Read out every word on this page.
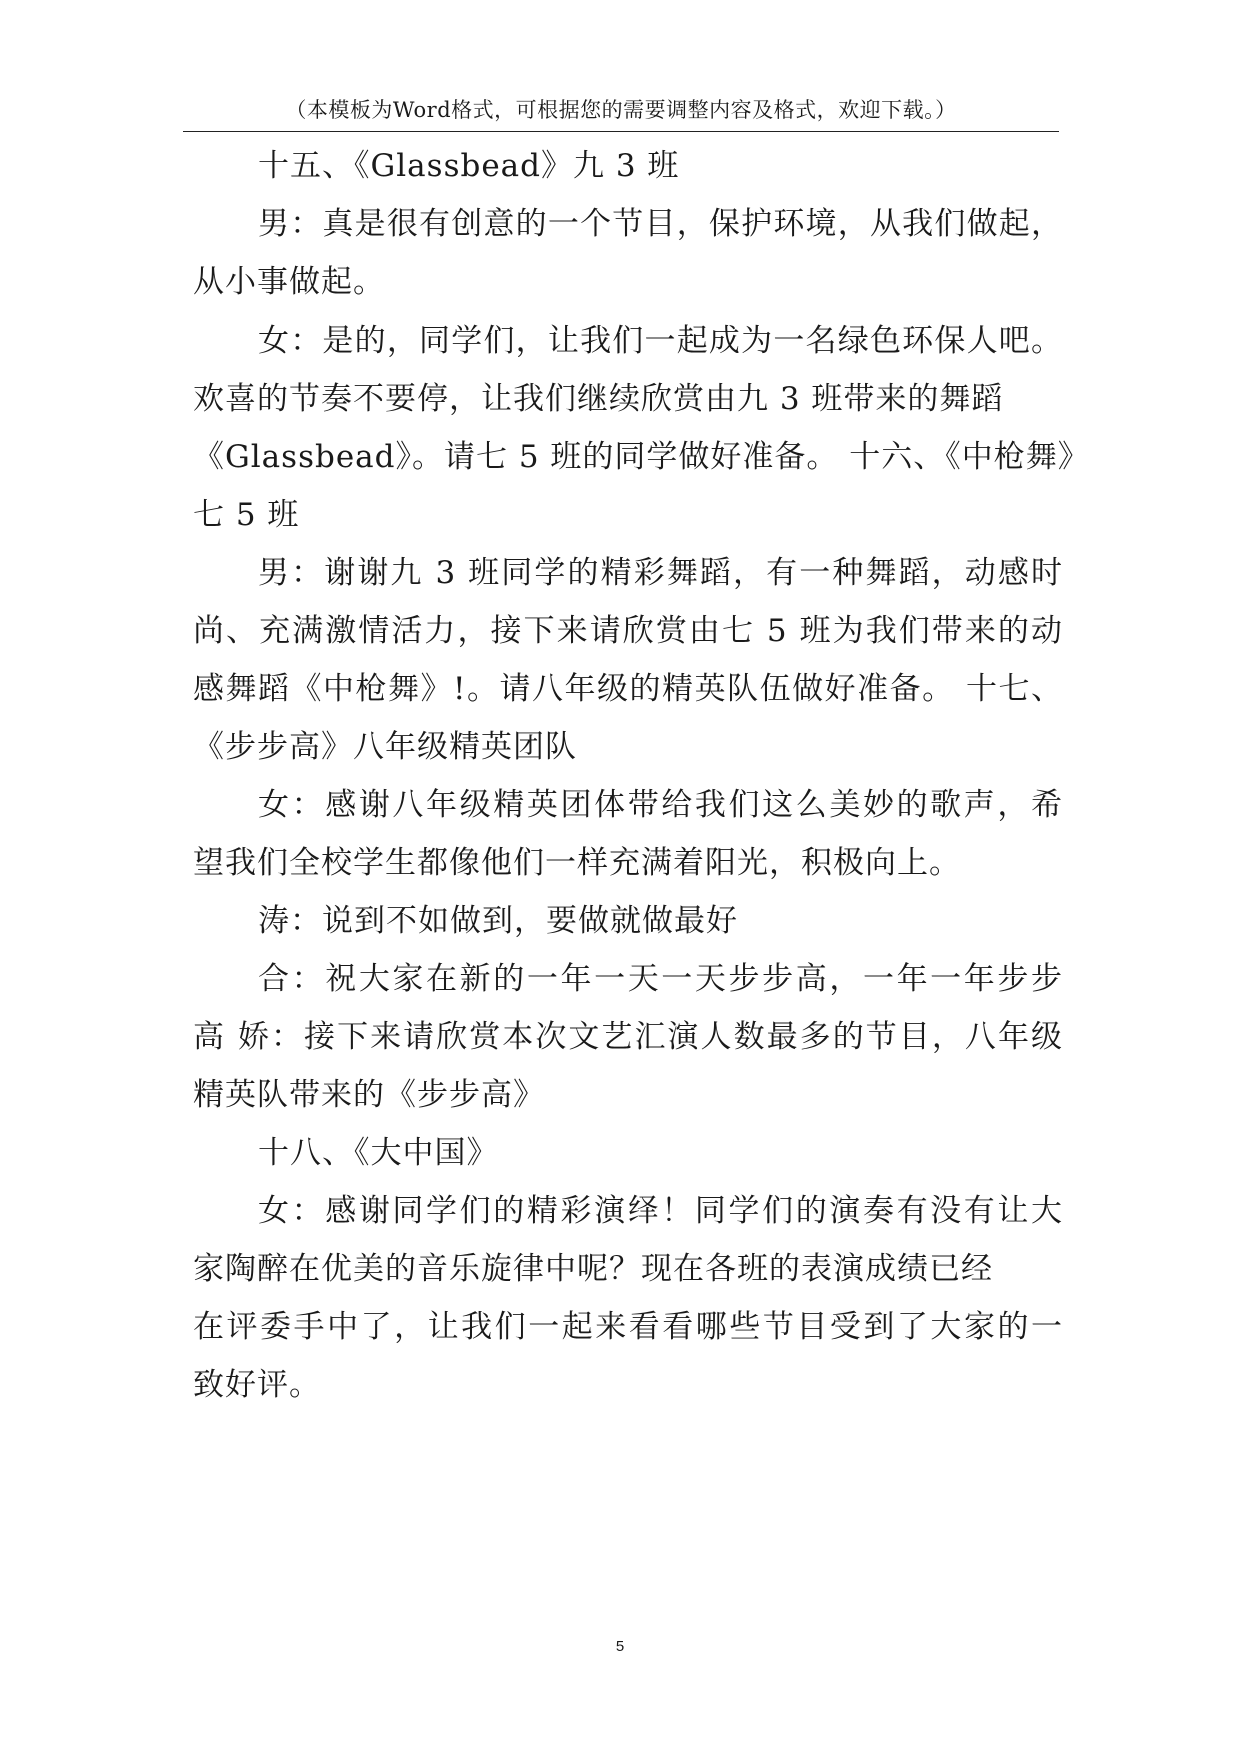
（本模板为Word格式，可根据您的需要调整内容及格式，欢迎下载。）
十五、《Glassbead》九 3 班
男：真是很有创意的一个节目，保护环境，从我们做起，
从小事做起。
女：是的，同学们，让我们一起成为一名绿色环保人吧。
欢喜的节奏不要停，让我们继续欣赏由九 3 班带来的舞蹈
《Glassbead》。请七 5 班的同学做好准备。 十六、《中枪舞》
七 5 班
男：谢谢九 3 班同学的精彩舞蹈，有一种舞蹈，动感时
尚、充满激情活力，接下来请欣赏由七 5 班为我们带来的动
感舞蹈《中枪舞》!。请八年级的精英队伍做好准备。 十七、
《步步高》八年级精英团队
女：感谢八年级精英团体带给我们这么美妙的歌声，希
望我们全校学生都像他们一样充满着阳光，积极向上。
涛：说到不如做到，要做就做最好
合：祝大家在新的一年一天一天步步高，一年一年步步
高 娇：接下来请欣赏本次文艺汇演人数最多的节目，八年级
精英队带来的《步步高》
十八、《大中国》
女：感谢同学们的精彩演绎！同学们的演奏有没有让大
家陶醉在优美的音乐旋律中呢？现在各班的表演成绩已经
在评委手中了，让我们一起来看看哪些节目受到了大家的一
致好评。
5
